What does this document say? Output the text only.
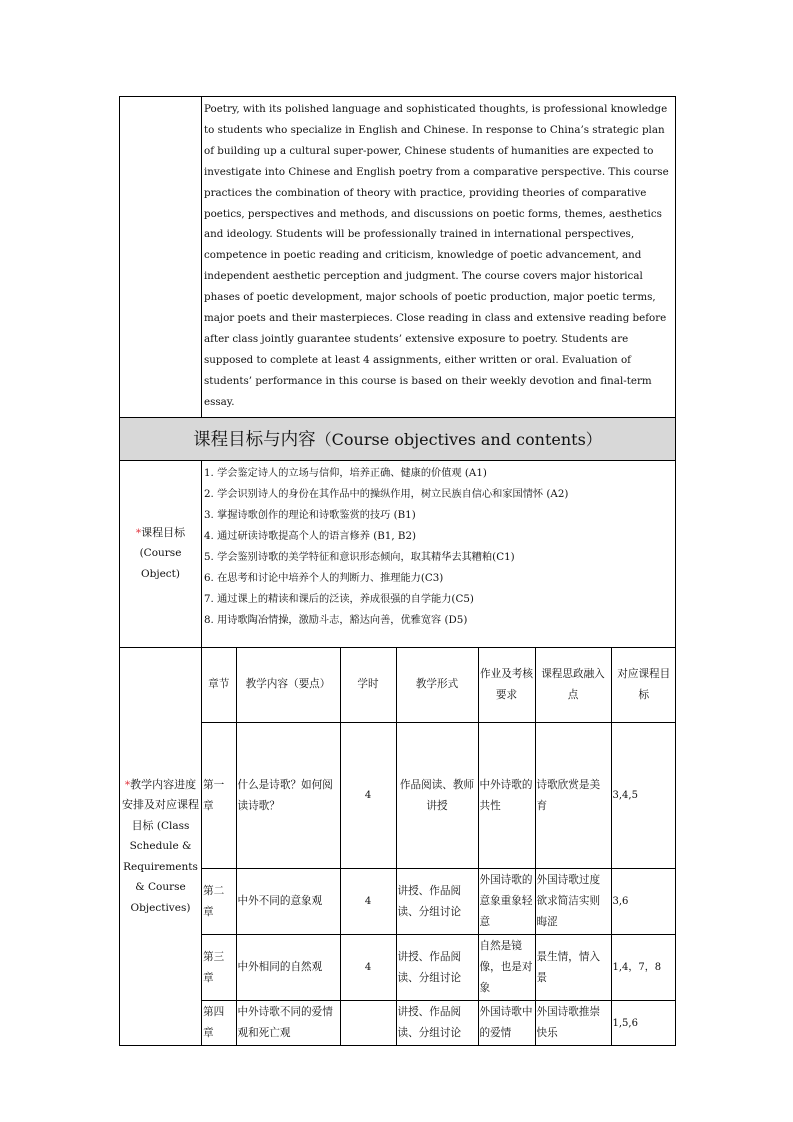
	Poetry, with its polished language and sophisticated thoughts, is professional knowledge to students who specialize in English and Chinese. In response to China’s strategic plan of building up a cultural super-power, Chinese students of humanities are expected to investigate into Chinese and English poetry from a comparative perspective. This course practices the combination of theory with practice, providing theories of comparative poetics, perspectives and methods, and discussions on poetic forms, themes, aesthetics and ideology. Students will be professionally trained in international perspectives, competence in poetic reading and criticism, knowledge of poetic advancement, and independent aesthetic perception and judgment. The course covers major historical phases of poetic development, major schools of poetic production, major poetic terms, major poets and their masterpieces. Close reading in class and extensive reading before after class jointly guarantee students’ extensive exposure to poetry. Students are supposed to complete at least 4 assignments, either written or oral. Evaluation of students’ performance in this course is based on their weekly devotion and final-term essay.
课程目标与内容（Course objectives and contents）
*课程目标
(Course Object)	
1. 学会鉴定诗人的立场与信仰，培养正确、健康的价值观 (A1)
2. 学会识别诗人的身份在其作品中的操纵作用，树立民族自信心和家国情怀 (A2)
3. 掌握诗歌创作的理论和诗歌鉴赏的技巧 (B1)
4. 通过研读诗歌提高个人的语言修养 (B1, B2)
5. 学会鉴别诗歌的美学特征和意识形态倾向，取其精华去其糟粕(C1)
6. 在思考和讨论中培养个人的判断力、推理能力(C3)
7. 通过课上的精读和课后的泛读，养成很强的自学能力(C5)
8. 用诗歌陶冶情操，激励斗志，豁达向善，优雅宽容 (D5)

*教学内容进度安排及对应课程目标 (Class Schedule & Requirements & Course Objectives)	
章节	教学内容（要点）	学时	教学形式	作业及考核要求	课程思政融入点	对应课程目标
第一章	什么是诗歌？如何阅读诗歌？	4	作品阅读、教师讲授	中外诗歌的共性	诗歌欣赏是美育	3,4,5
第二章	中外不同的意象观	4	讲授、作品阅读、分组讨论	外国诗歌的意象重象轻意	外国诗歌过度欲求简洁实则晦涩	3,6
第三章	中外相同的自然观	4	讲授、作品阅读、分组讨论	自然是镜像，也是对象	景生情，情入景	1,4，7，8
第四章	中外诗歌不同的爱情观和死亡观		讲授、作品阅读、分组讨论	外国诗歌中的爱情	外国诗歌推崇快乐	1,5,6
